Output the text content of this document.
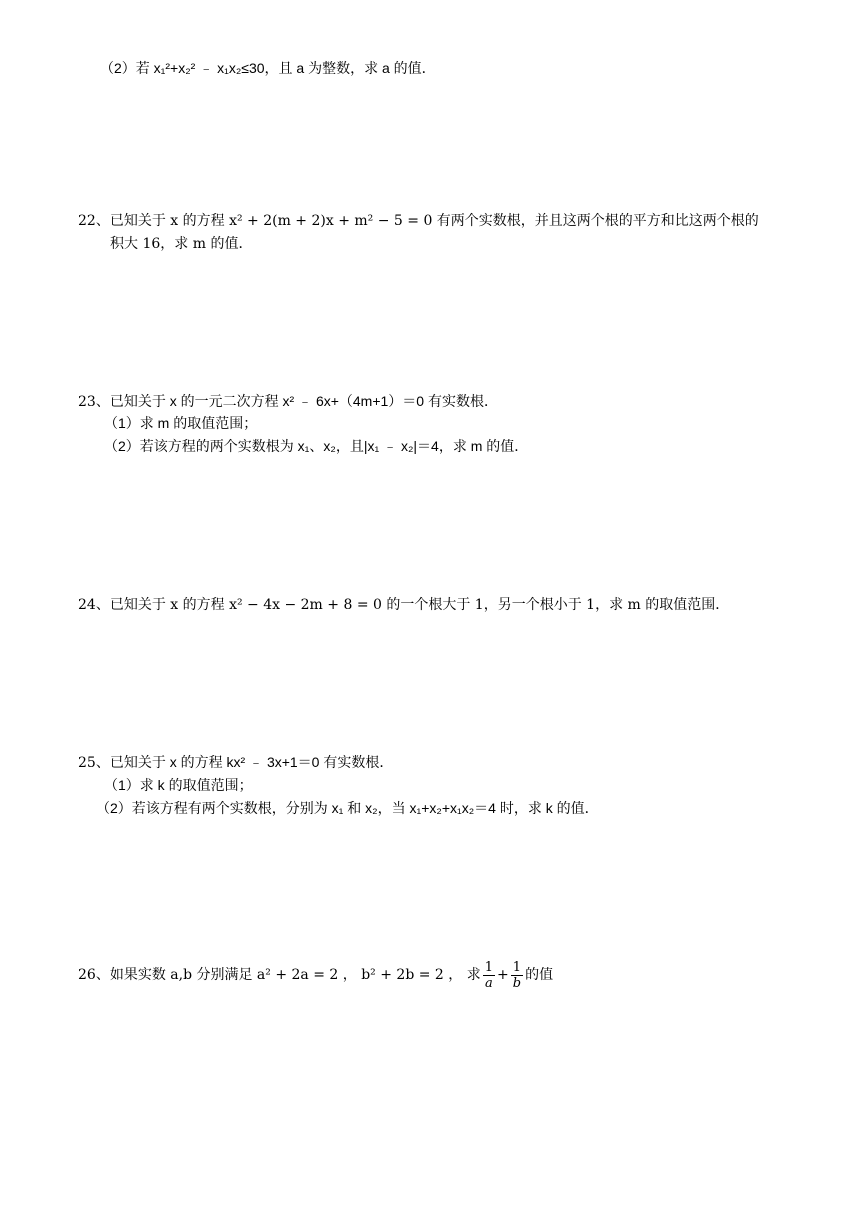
（2）若 x₁²+x₂² ﹣ x₁x₂≤30，且 a 为整数，求 a 的值．
22、已知关于 x 的方程 x² + 2(m + 2)x + m² − 5 = 0 有两个实数根，并且这两个根的平方和比这两个根的
积大 16，求 m 的值．
23、已知关于 x 的一元二次方程 x² ﹣ 6x+（4m+1）＝0 有实数根．
（1）求 m 的取值范围；
（2）若该方程的两个实数根为 x₁、x₂，且|x₁ ﹣ x₂|＝4，求 m 的值．
24、已知关于 x 的方程 x² − 4x − 2m + 8 = 0 的一个根大于 1，另一个根小于 1，求 m 的取值范围．
25、已知关于 x 的方程 kx² ﹣ 3x+1＝0 有实数根．
（1）求 k 的取值范围；
（2）若该方程有两个实数根，分别为 x₁ 和 x₂，当 x₁+x₂+x₁x₂＝4 时，求 k 的值．
26、如果实数 a,b 分别满足 a² + 2a = 2 ， b² + 2b = 2 ， 求 $\frac{1}{a} + \frac{1}{b}$ 的值
